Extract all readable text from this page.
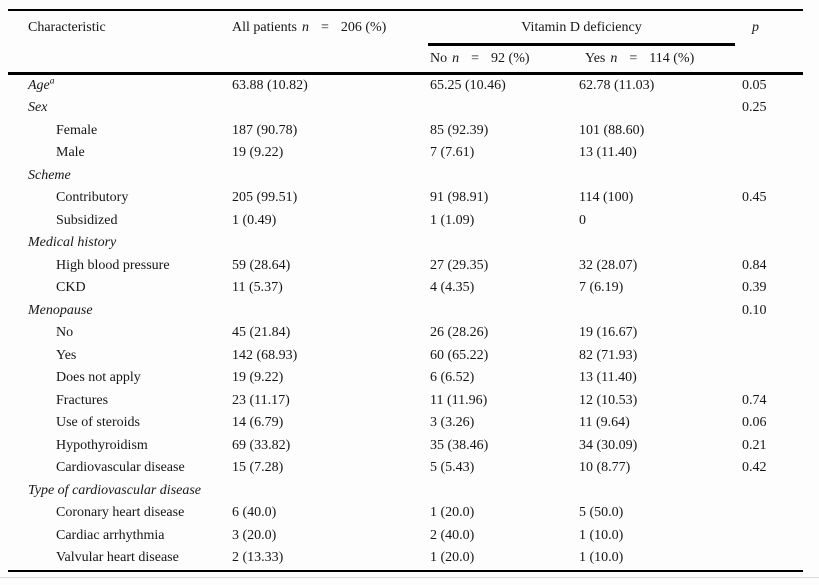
Characteristic	All patients n = 206 (%)	Vitamin D deficiency		p
		No n = 92 (%)	Yes n = 114 (%)	
Age$^a$	63.88 (10.82)	65.25 (10.46)	62.78 (11.03)	0.05
Sex				0.25
Female	187 (90.78)	85 (92.39)	101 (88.60)	
Male	19 (9.22)	7 (7.61)	13 (11.40)	
Scheme				
Contributory	205 (99.51)	91 (98.91)	114 (100)	0.45
Subsidized	1 (0.49)	1 (1.09)	0	
Medical history				
High blood pressure	59 (28.64)	27 (29.35)	32 (28.07)	0.84
CKD	11 (5.37)	4 (4.35)	7 (6.19)	0.39
Menopause				0.10
No	45 (21.84)	26 (28.26)	19 (16.67)	
Yes	142 (68.93)	60 (65.22)	82 (71.93)	
Does not apply	19 (9.22)	6 (6.52)	13 (11.40)	
Fractures	23 (11.17)	11 (11.96)	12 (10.53)	0.74
Use of steroids	14 (6.79)	3 (3.26)	11 (9.64)	0.06
Hypothyroidism	69 (33.82)	35 (38.46)	34 (30.09)	0.21
Cardiovascular disease	15 (7.28)	5 (5.43)	10 (8.77)	0.42
Type of cardiovascular disease				
Coronary heart disease	6 (40.0)	1 (20.0)	5 (50.0)	
Cardiac arrhythmia	3 (20.0)	2 (40.0)	1 (10.0)	
Valvular heart disease	2 (13.33)	1 (20.0)	1 (10.0)	
